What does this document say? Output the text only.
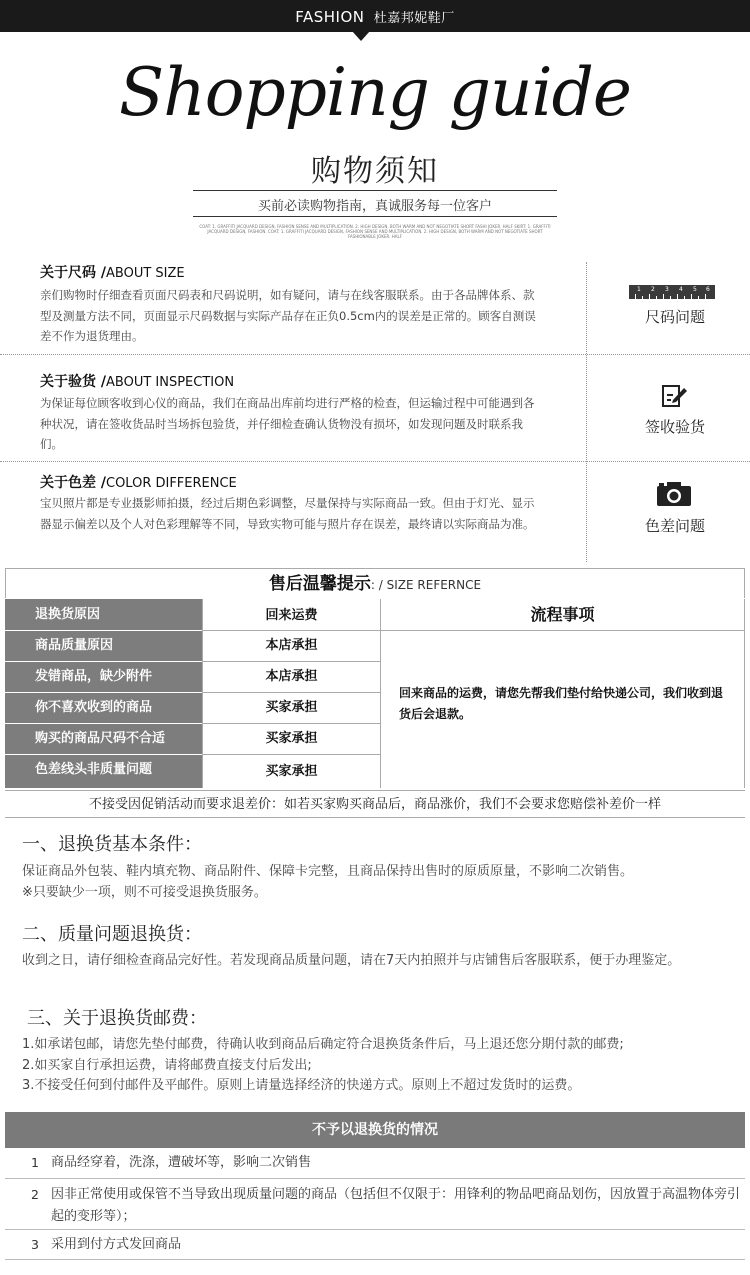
FASHION 杜嘉邦妮鞋厂
Shopping guide
购物须知
买前必读购物指南，真诚服务每一位客户
COAT: 1. GRAFFITI JACQUARD DESIGN, FASHION SENSE AND MULTIPLICATION. 2. HIGH DESIGN, BOTH WARM AND NOT NEGOTIATE SHORT FASHI JOKER. HALF SKIRT: 1. GRAFFITI JACQUARD DESIGN, FASHION. COAT: 1. GRAFFITI JACQUARD DESIGN, FASHION SENSE AND MULTIPLICATION. 2. HIGH DESIGN, BOTH WARM AND NOT NEGOTIATE SHORT FASHIONABLE JOKER. HALF
关于尺码 /ABOUT SIZE
亲们购物时仔细查看页面尺码表和尺码说明，如有疑问，请与在线客服联系。由于各品牌体系、款型及测量方法不同，页面显示尺码数据与实际产品存在正负0.5cm内的误差是正常的。顾客自测误差不作为退货理由。
1 2 3 4 5 6
尺码问题
关于验货 /ABOUT INSPECTION
为保证每位顾客收到心仪的商品，我们在商品出库前均进行严格的检查，但运输过程中可能遇到各种状况，请在签收货品时当场拆包验货，并仔细检查确认货物没有损坏，如发现问题及时联系我们。
签收验货
关于色差 /COLOR DIFFERENCE
宝贝照片都是专业摄影师拍摄，经过后期色彩调整，尽量保持与实际商品一致。但由于灯光、显示器显示偏差以及个人对色彩理解等不同，导致实物可能与照片存在误差，最终请以实际商品为准。	色差问题
售后温馨提示: / SIZE REFERNCE
退换货原因	回来运费	流程事项
商品质量原因	本店承担
发错商品，缺少附件	本店承担
你不喜欢收到的商品	买家承担
购买的商品尺码不合适	买家承担
色差线头非质量问题	买家承担
回来商品的运费，请您先帮我们垫付给快递公司，我们收到退货后会退款。
不接受因促销活动而要求退差价：如若买家购买商品后，商品涨价，我们不会要求您赔偿补差价一样
一、退换货基本条件：
保证商品外包装、鞋内填充物、商品附件、保障卡完整，且商品保持出售时的原质原量，不影响二次销售。
※只要缺少一项，则不可接受退换货服务。
二、质量问题退换货：
收到之日，请仔细检查商品完好性。若发现商品质量问题，请在7天内拍照并与店铺售后客服联系，便于办理鉴定。
三、关于退换货邮费：
1.如承诺包邮，请您先垫付邮费，待确认收到商品后确定符合退换货条件后，马上退还您分期付款的邮费;
2.如买家自行承担运费，请将邮费直接支付后发出;
3.不接受任何到付邮件及平邮件。原则上请量选择经济的快递方式。原则上不超过发货时的运费。
不予以退换货的情况
1 商品经穿着，洗涤，遭破坏等，影响二次销售
2 因非正常使用或保管不当导致出现质量问题的商品（包括但不仅限于：用锋利的物品吧商品划伤，因放置于高温物体旁引起的变形等）；
3 采用到付方式发回商品
